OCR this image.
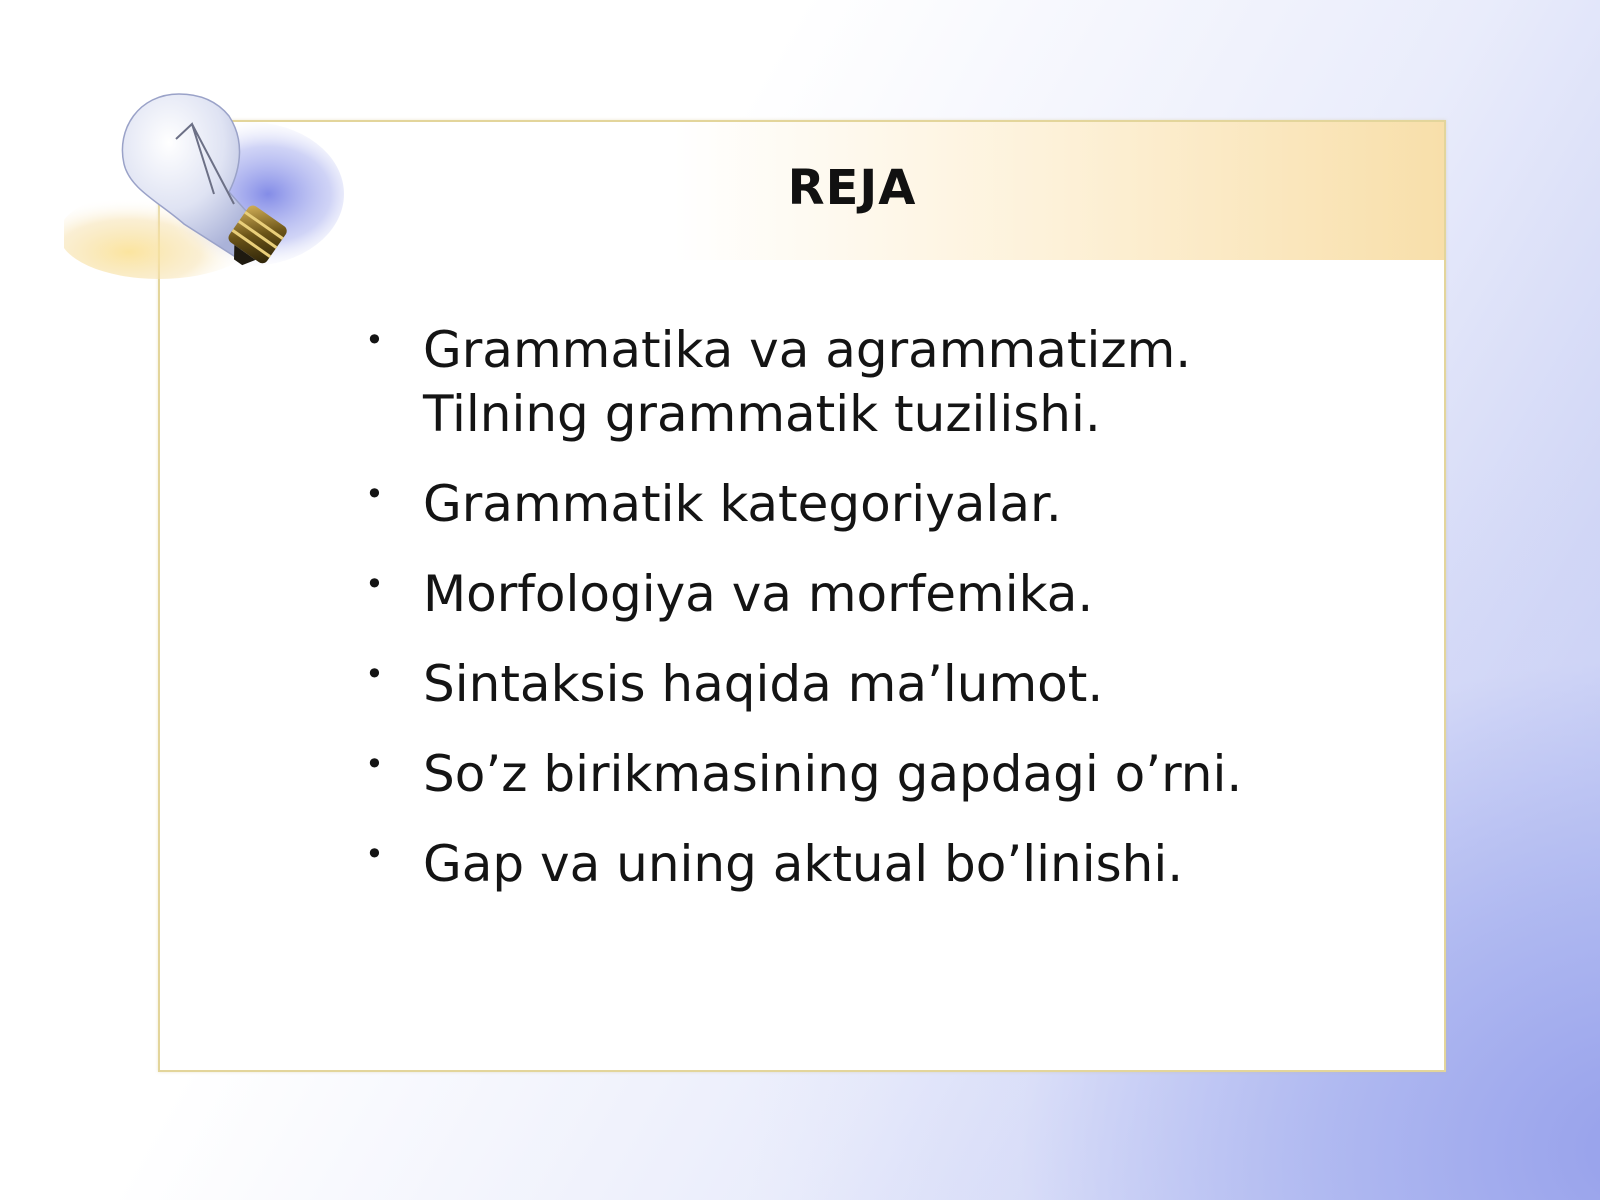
REJA
• Grammatika va agrammatizm. Tilning grammatik tuzilishi.
• Grammatik kategoriyalar.
• Morfologiya va morfemika.
• Sintaksis haqida ma’lumot.
• So’z birikmasining gapdagi o’rni.
• Gap va uning aktual bo’linishi.
